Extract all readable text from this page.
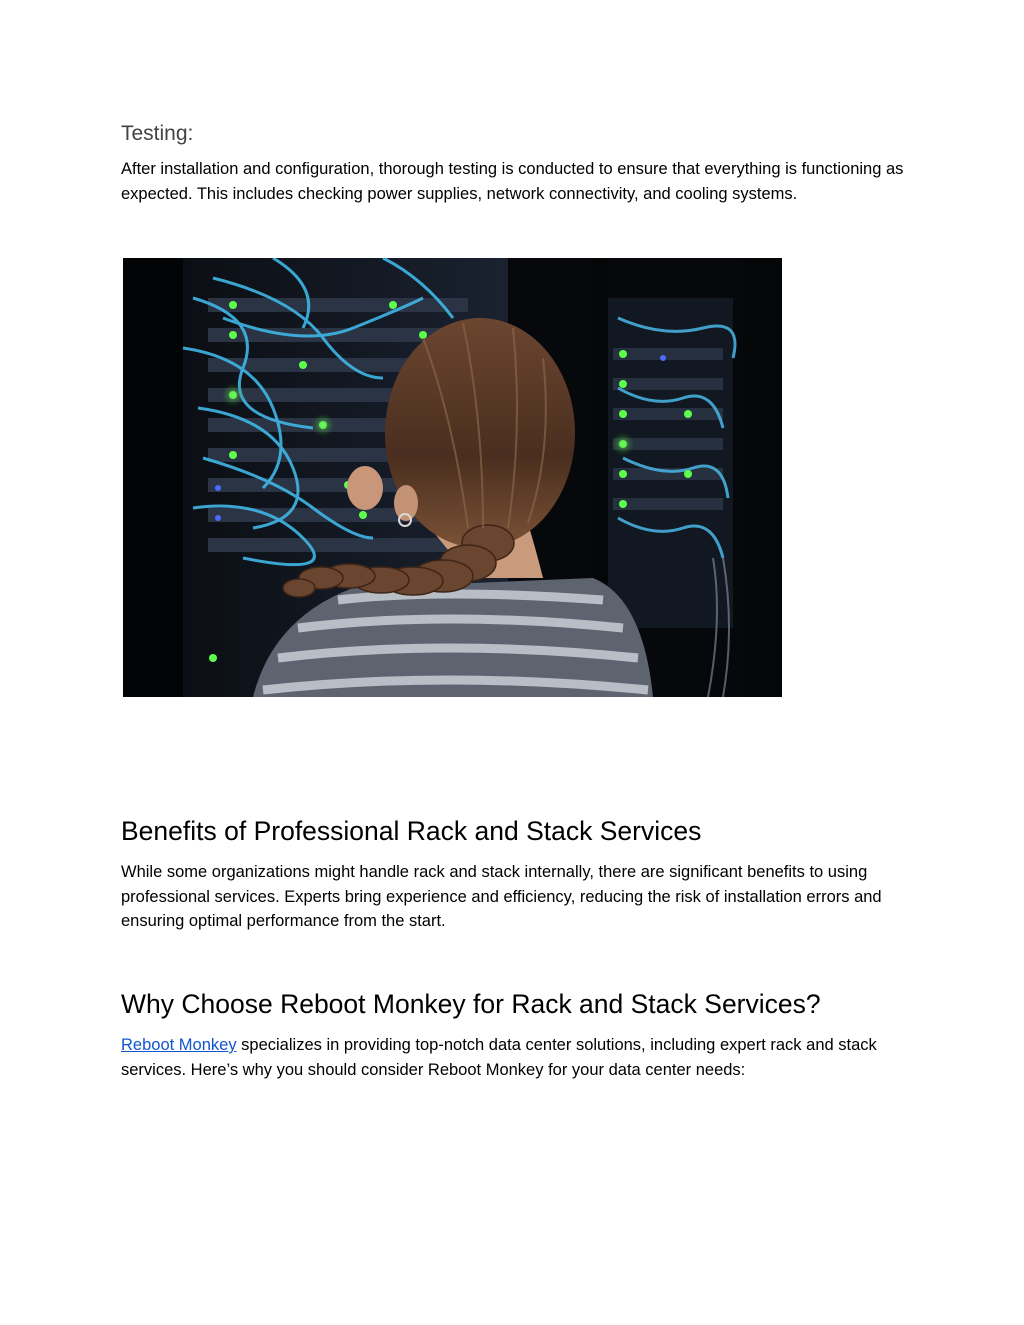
Testing:

After installation and configuration, thorough testing is conducted to ensure that everything is functioning as expected. This includes checking power supplies, network connectivity, and cooling systems.

Benefits of Professional Rack and Stack Services

While some organizations might handle rack and stack internally, there are significant benefits to using professional services. Experts bring experience and efficiency, reducing the risk of installation errors and ensuring optimal performance from the start.

Why Choose Reboot Monkey for Rack and Stack Services?

Reboot Monkey specializes in providing top-notch data center solutions, including expert rack and stack services. Here’s why you should consider Reboot Monkey for your data center needs:
